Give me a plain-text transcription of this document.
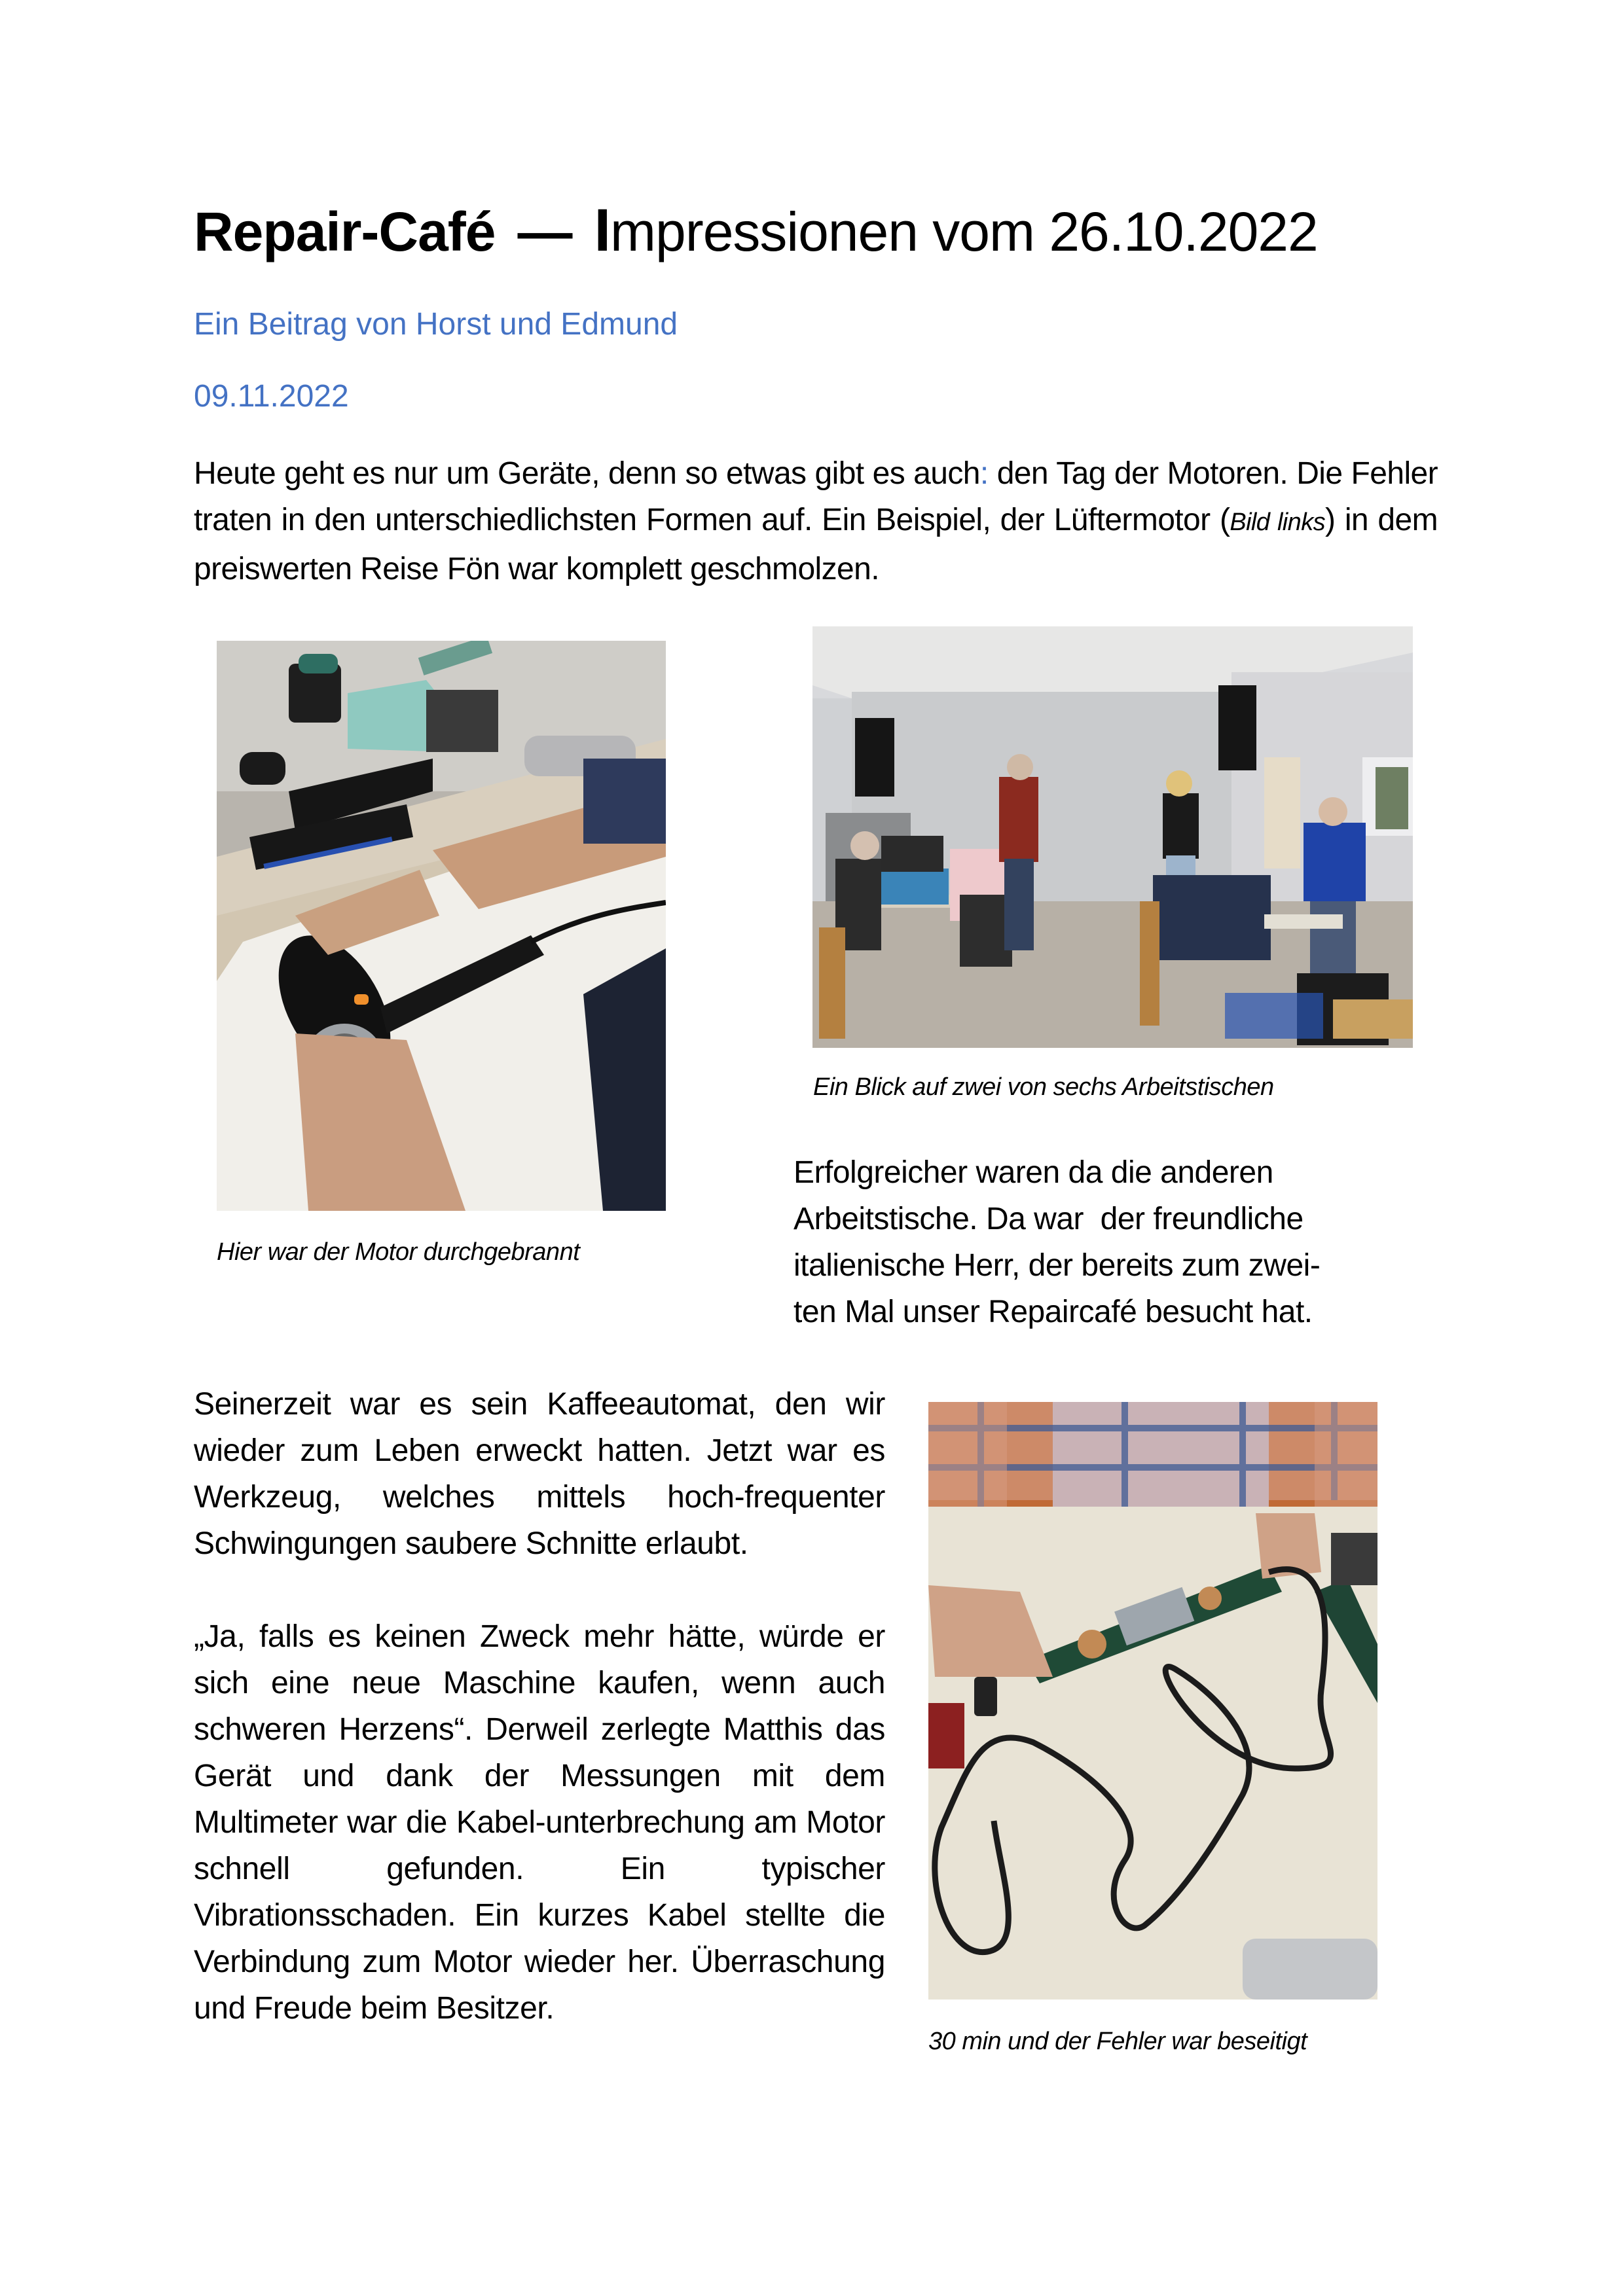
Repair-Café — Impressionen vom 26.10.2022
Ein Beitrag von Horst und Edmund
09.11.2022
Heute geht es nur um Geräte, denn so etwas gibt es auch: den Tag der Motoren. Die Fehler traten in den unterschiedlichsten Formen auf. Ein Beispiel, der Lüftermotor (Bild links) in dem preiswerten Reise Fön war komplett geschmolzen.
Hier war der Motor durchgebrannt
Ein Blick auf zwei von sechs Arbeitstischen
Erfolgreicher waren da die anderen
Arbeitstische. Da war  der freundliche
italienische Herr, der bereits zum zwei-
ten Mal unser Repaircafé besucht hat.

Seinerzeit war es sein Kaffeeautomat, den wir wieder zum Leben erweckt hatten. Jetzt war es Werkzeug, welches mittels hoch-frequenter Schwingungen saubere Schnitte erlaubt.

„Ja, falls es keinen Zweck mehr hätte, würde er sich eine neue Maschine kaufen, wenn auch schweren Herzens“. Derweil zerlegte Matthis das Gerät und dank der Messungen mit dem Multimeter war die Kabel-unterbrechung am Motor schnell gefunden. Ein typischer Vibrationsschaden. Ein kurzes Kabel stellte die Verbindung zum Motor wieder her. Überraschung und Freude beim Besitzer.

30 min und der Fehler war beseitigt
